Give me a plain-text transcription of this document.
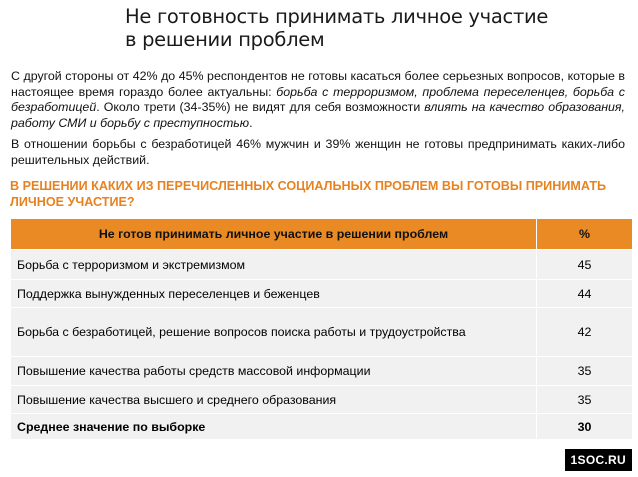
Не готовность принимать личное участие
в решении проблем
С другой стороны от 42% до 45% респондентов не готовы касаться более серьезных вопросов, которые в настоящее время гораздо более актуальны: борьба с терроризмом, проблема переселенцев, борьба с безработицей. Около трети (34-35%) не видят для себя возможности влиять на качество образования, работу СМИ и борьбу с преступностью.
В отношении борьбы с безработицей 46% мужчин и 39% женщин не готовы предпринимать каких-либо решительных действий.
В РЕШЕНИИ КАКИХ ИЗ ПЕРЕЧИСЛЕННЫХ СОЦИАЛЬНЫХ ПРОБЛЕМ ВЫ ГОТОВЫ ПРИНИМАТЬ ЛИЧНОЕ УЧАСТИЕ?
Не готов принимать личное участие в решении проблем	%
Борьба с терроризмом и экстремизмом	45
Поддержка вынужденных переселенцев и беженцев	44
Борьба с безработицей, решение вопросов поиска работы и трудоустройства	42
Повышение качества работы средств массовой информации	35
Повышение качества высшего и среднего образования	35
Среднее значение по выборке	30
1SOC.RU
